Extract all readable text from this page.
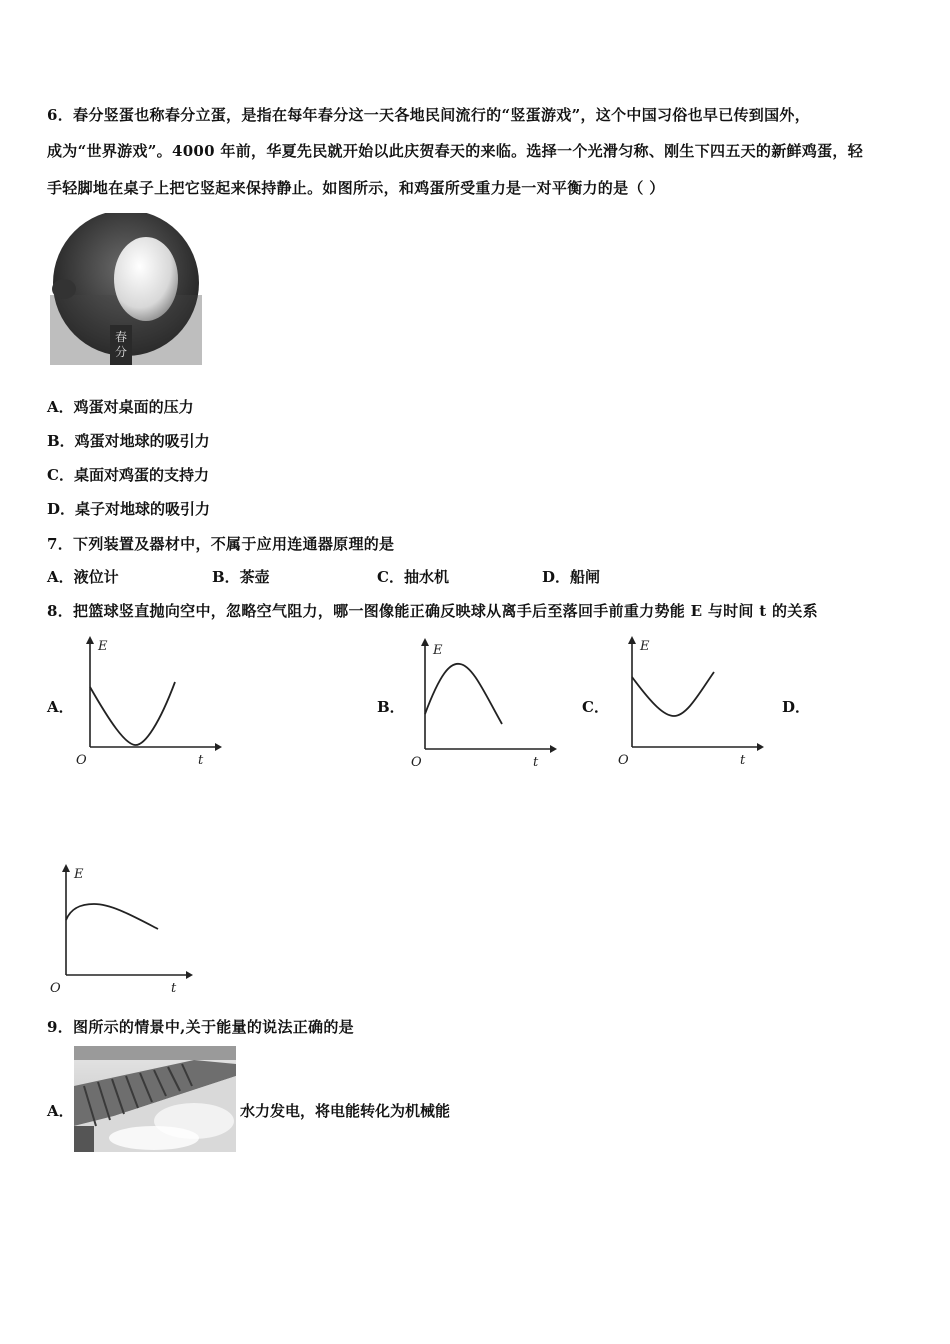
6．春分竖蛋也称春分立蛋，是指在每年春分这一天各地民间流行的“竖蛋游戏”，这个中国习俗也早已传到国外，
成为“世界游戏”。4000 年前，华夏先民就开始以此庆贺春天的来临。选择一个光滑匀称、刚生下四五天的新鲜鸡蛋，轻
手轻脚地在桌子上把它竖起来保持静止。如图所示，和鸡蛋所受重力是一对平衡力的是（ ）
春
分
A．鸡蛋对桌面的压力
B．鸡蛋对地球的吸引力
C．桌面对鸡蛋的支持力
D．桌子对地球的吸引力
7．下列装置及器材中，不属于应用连通器原理的是
A．液位计	B．茶壶	C．抽水机	D．船闸
8．把篮球竖直抛向空中，忽略空气阻力，哪一图像能正确反映球从离手后至落回手前重力势能 E 与时间 t 的关系
A．
E
O	t
B．
E
O	t
C．
E
O	t
D．
E
O	t
9．图所示的情景中,关于能量的说法正确的是
A．	水力发电，将电能转化为机械能
